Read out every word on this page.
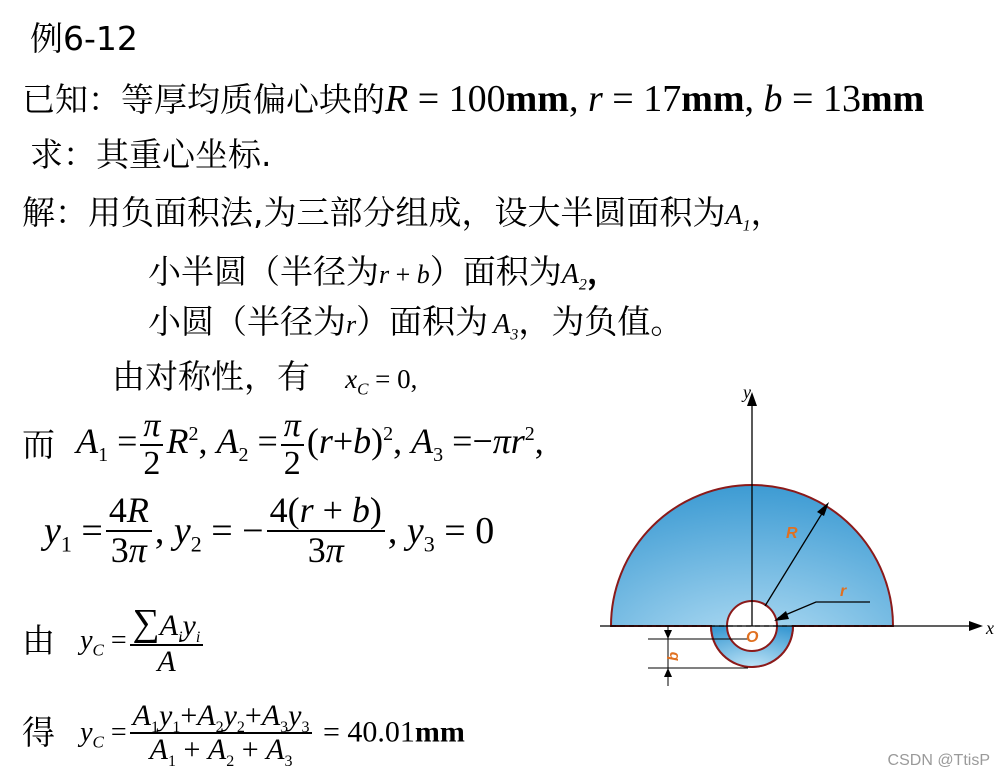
例6-12
已知：等厚均质偏心块的R = 100mm, r = 17mm, b = 13mm
求：其重心坐标.
解：用负面积法,为三部分组成，设大半圆面积为$A_1$，
小半圆（半径为r + b）面积为$A_2$，
小圆（半径为r）面积为 $A_3$，为负值。
由对称性，有 $x_C = 0$,
而 $A_1 = \frac{\pi}{2} R^2$, $A_2 = \frac{\pi}{2} (r+b)^2$, $A_3 =-\pi r^2$,
$y_1 = \frac{4R}{3\pi}$ , $y_2$ = − $\frac{4(r + b)}{3\pi}$ , $y_3 = 0$
由 $y_C = \frac{\sum A_iy_i}{A}$
得 $y_C = \frac{A_1y_1+A_2y_2+A_3y_3}{A_1 + A_2 + A_3} = 40.01mm$
x
y
O
R
r
b
CSDN @TtisP
